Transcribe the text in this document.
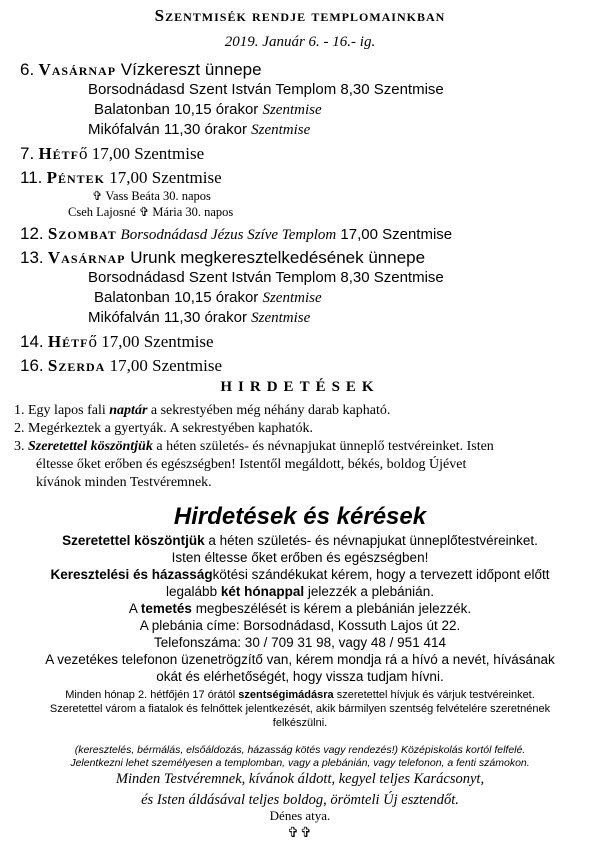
Szentmisék rendje templomainkban
2019. Január 6. - 16.- ig.

6. Vasárnap Vízkereszt ünnepe

Borsodnádasd Szent István Templom 8,30 Szentmise
Balatonban 10,15 órakor Szentmise
Mikófalván 11,30 órakor Szentmise

7. Hétfő 17,00 Szentmise

11. Péntek 17,00 Szentmise

✞ Vass Beáta 30. napos
Cseh Lajosné ✞ Mária 30. napos

12. Szombat Borsodnádasd Jézus Szíve Templom 17,00 Szentmise

13. Vasárnap Urunk megkeresztelkedésének ünnepe

Borsodnádasd Szent István Templom 8,30 Szentmise
Balatonban 10,15 órakor Szentmise
Mikófalván 11,30 órakor Szentmise

14. Hétfő 17,00 Szentmise

16. Szerda 17,00 Szentmise

HIRDETÉSEK

1. Egy lapos fali naptár a sekrestyében még néhány darab kapható.

2. Megérkeztek a gyertyák. A sekrestyében kaphatók.

3. Szeretettel köszöntjük a héten születés- és névnapjukat ünneplő testvéreinket. Isten

éltesse őket erőben és egészségben! Istentől megáldott, békés, boldog Újévet

kívánok minden Testvéremnek.

Hirdetések és kérések
Szeretettel köszöntjük a héten születés- és névnapjukat ünneplőtestvéreinket.
Isten éltesse őket erőben és egészségben!
Keresztelési és házasságkötési szándékukat kérem, hogy a tervezett időpont előtt
legalább két hónappal jelezzék a plebánián.
A temetés megbeszélését is kérem a plebánián jelezzék.
A plebánia címe: Borsodnádasd, Kossuth Lajos út 22.
Telefonszáma: 30 / 709 31 98, vagy 48 / 951 414
A vezetékes telefonon üzenetrögzítő van, kérem mondja rá a hívó a nevét, hívásának
okát és elérhetőségét, hogy vissza tudjam hívni.
Minden hónap 2. hétfőjén 17 órától szentségimádásra szeretettel hívjuk és várjuk testvéreinket.
Szeretettel várom a fiatalok és felnőttek jelentkezését, akik bármilyen szentség felvételére szeretnének
felkészülni.
(keresztelés, bérmálás, elsőáldozás, házasság kötés vagy rendezés!) Középiskolás kortól felfelé.
Jelentkezni lehet személyesen a templomban, vagy a plebánián, vagy telefonon, a fenti számokon.
Minden Testvéremnek, kívánok áldott, kegyel teljes Karácsonyt,
és Isten áldásával teljes boldog, örömteli Új esztendőt.
Dénes atya.
✞✞
